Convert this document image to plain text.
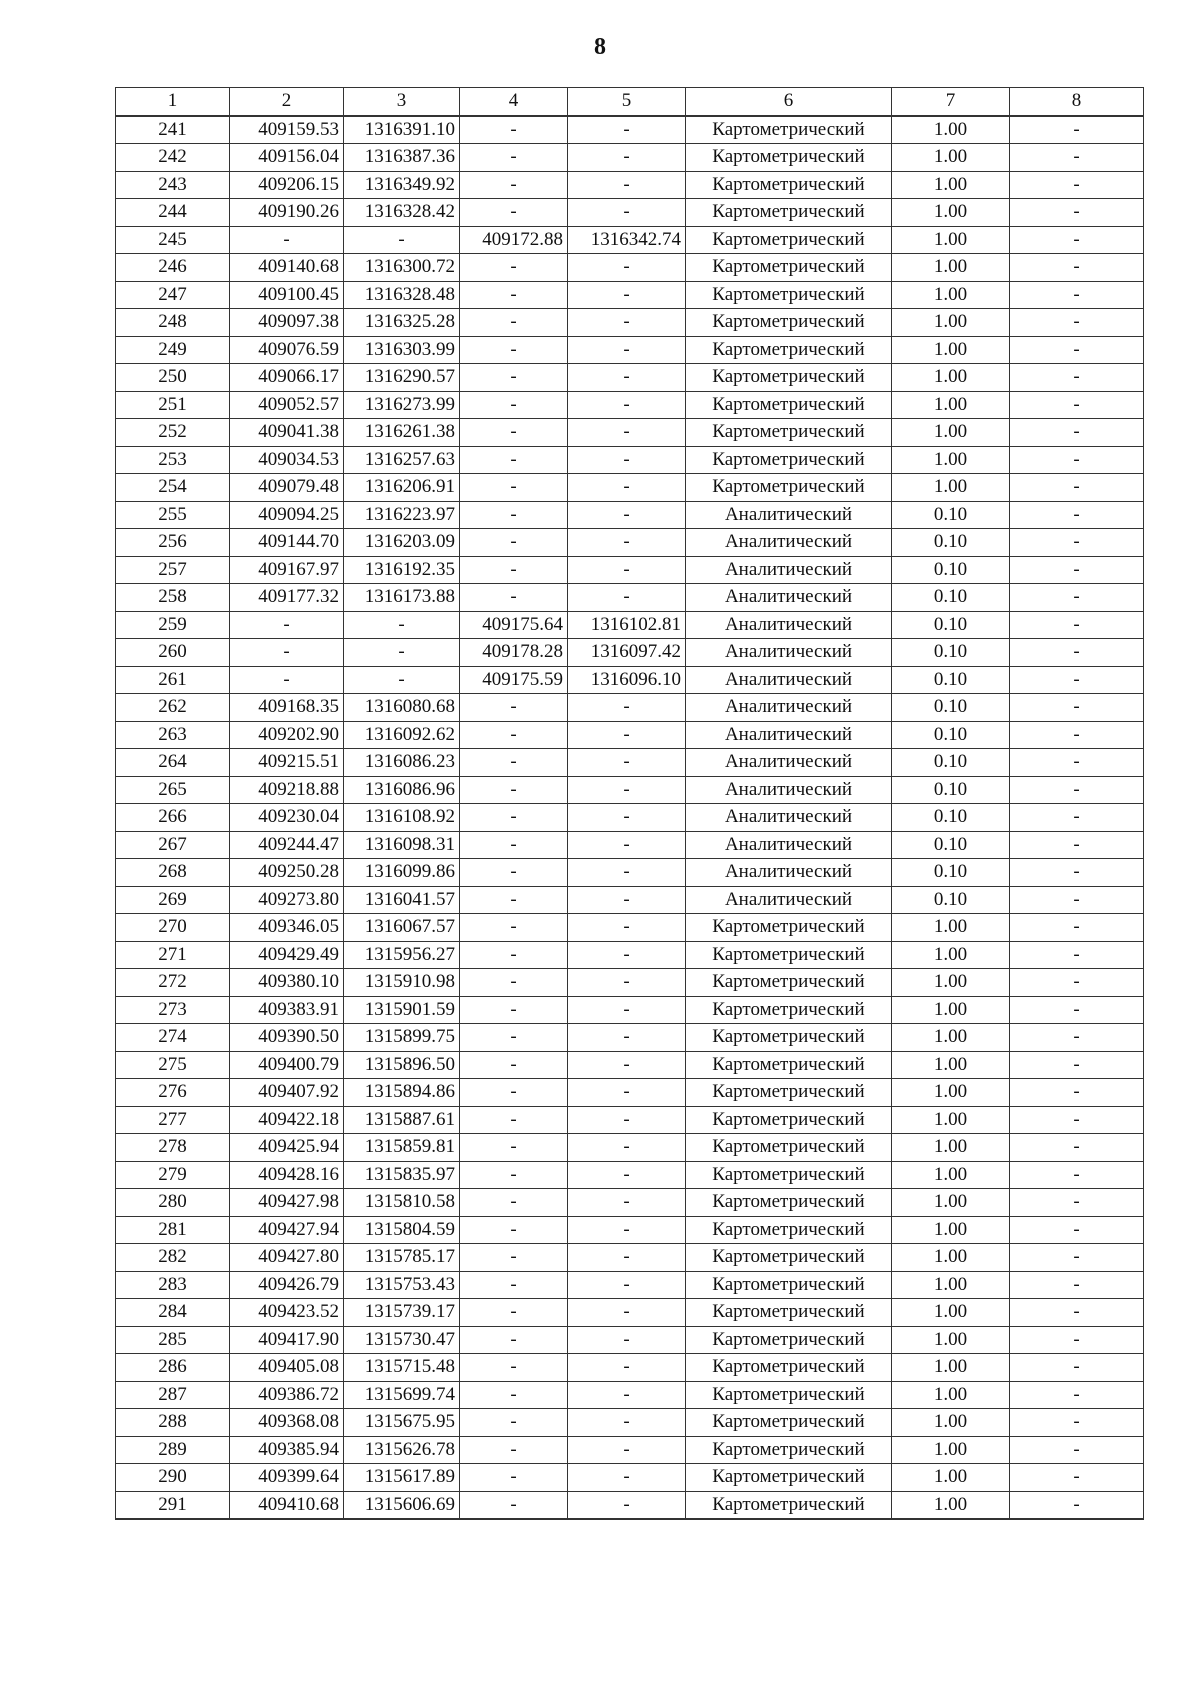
8
1	2	3	4	5	6	7	8
241	409159.53	1316391.10	-	-	Картометрический	1.00	-
242	409156.04	1316387.36	-	-	Картометрический	1.00	-
243	409206.15	1316349.92	-	-	Картометрический	1.00	-
244	409190.26	1316328.42	-	-	Картометрический	1.00	-
245	-	-	409172.88	1316342.74	Картометрический	1.00	-
246	409140.68	1316300.72	-	-	Картометрический	1.00	-
247	409100.45	1316328.48	-	-	Картометрический	1.00	-
248	409097.38	1316325.28	-	-	Картометрический	1.00	-
249	409076.59	1316303.99	-	-	Картометрический	1.00	-
250	409066.17	1316290.57	-	-	Картометрический	1.00	-
251	409052.57	1316273.99	-	-	Картометрический	1.00	-
252	409041.38	1316261.38	-	-	Картометрический	1.00	-
253	409034.53	1316257.63	-	-	Картометрический	1.00	-
254	409079.48	1316206.91	-	-	Картометрический	1.00	-
255	409094.25	1316223.97	-	-	Аналитический	0.10	-
256	409144.70	1316203.09	-	-	Аналитический	0.10	-
257	409167.97	1316192.35	-	-	Аналитический	0.10	-
258	409177.32	1316173.88	-	-	Аналитический	0.10	-
259	-	-	409175.64	1316102.81	Аналитический	0.10	-
260	-	-	409178.28	1316097.42	Аналитический	0.10	-
261	-	-	409175.59	1316096.10	Аналитический	0.10	-
262	409168.35	1316080.68	-	-	Аналитический	0.10	-
263	409202.90	1316092.62	-	-	Аналитический	0.10	-
264	409215.51	1316086.23	-	-	Аналитический	0.10	-
265	409218.88	1316086.96	-	-	Аналитический	0.10	-
266	409230.04	1316108.92	-	-	Аналитический	0.10	-
267	409244.47	1316098.31	-	-	Аналитический	0.10	-
268	409250.28	1316099.86	-	-	Аналитический	0.10	-
269	409273.80	1316041.57	-	-	Аналитический	0.10	-
270	409346.05	1316067.57	-	-	Картометрический	1.00	-
271	409429.49	1315956.27	-	-	Картометрический	1.00	-
272	409380.10	1315910.98	-	-	Картометрический	1.00	-
273	409383.91	1315901.59	-	-	Картометрический	1.00	-
274	409390.50	1315899.75	-	-	Картометрический	1.00	-
275	409400.79	1315896.50	-	-	Картометрический	1.00	-
276	409407.92	1315894.86	-	-	Картометрический	1.00	-
277	409422.18	1315887.61	-	-	Картометрический	1.00	-
278	409425.94	1315859.81	-	-	Картометрический	1.00	-
279	409428.16	1315835.97	-	-	Картометрический	1.00	-
280	409427.98	1315810.58	-	-	Картометрический	1.00	-
281	409427.94	1315804.59	-	-	Картометрический	1.00	-
282	409427.80	1315785.17	-	-	Картометрический	1.00	-
283	409426.79	1315753.43	-	-	Картометрический	1.00	-
284	409423.52	1315739.17	-	-	Картометрический	1.00	-
285	409417.90	1315730.47	-	-	Картометрический	1.00	-
286	409405.08	1315715.48	-	-	Картометрический	1.00	-
287	409386.72	1315699.74	-	-	Картометрический	1.00	-
288	409368.08	1315675.95	-	-	Картометрический	1.00	-
289	409385.94	1315626.78	-	-	Картометрический	1.00	-
290	409399.64	1315617.89	-	-	Картометрический	1.00	-
291	409410.68	1315606.69	-	-	Картометрический	1.00	-
